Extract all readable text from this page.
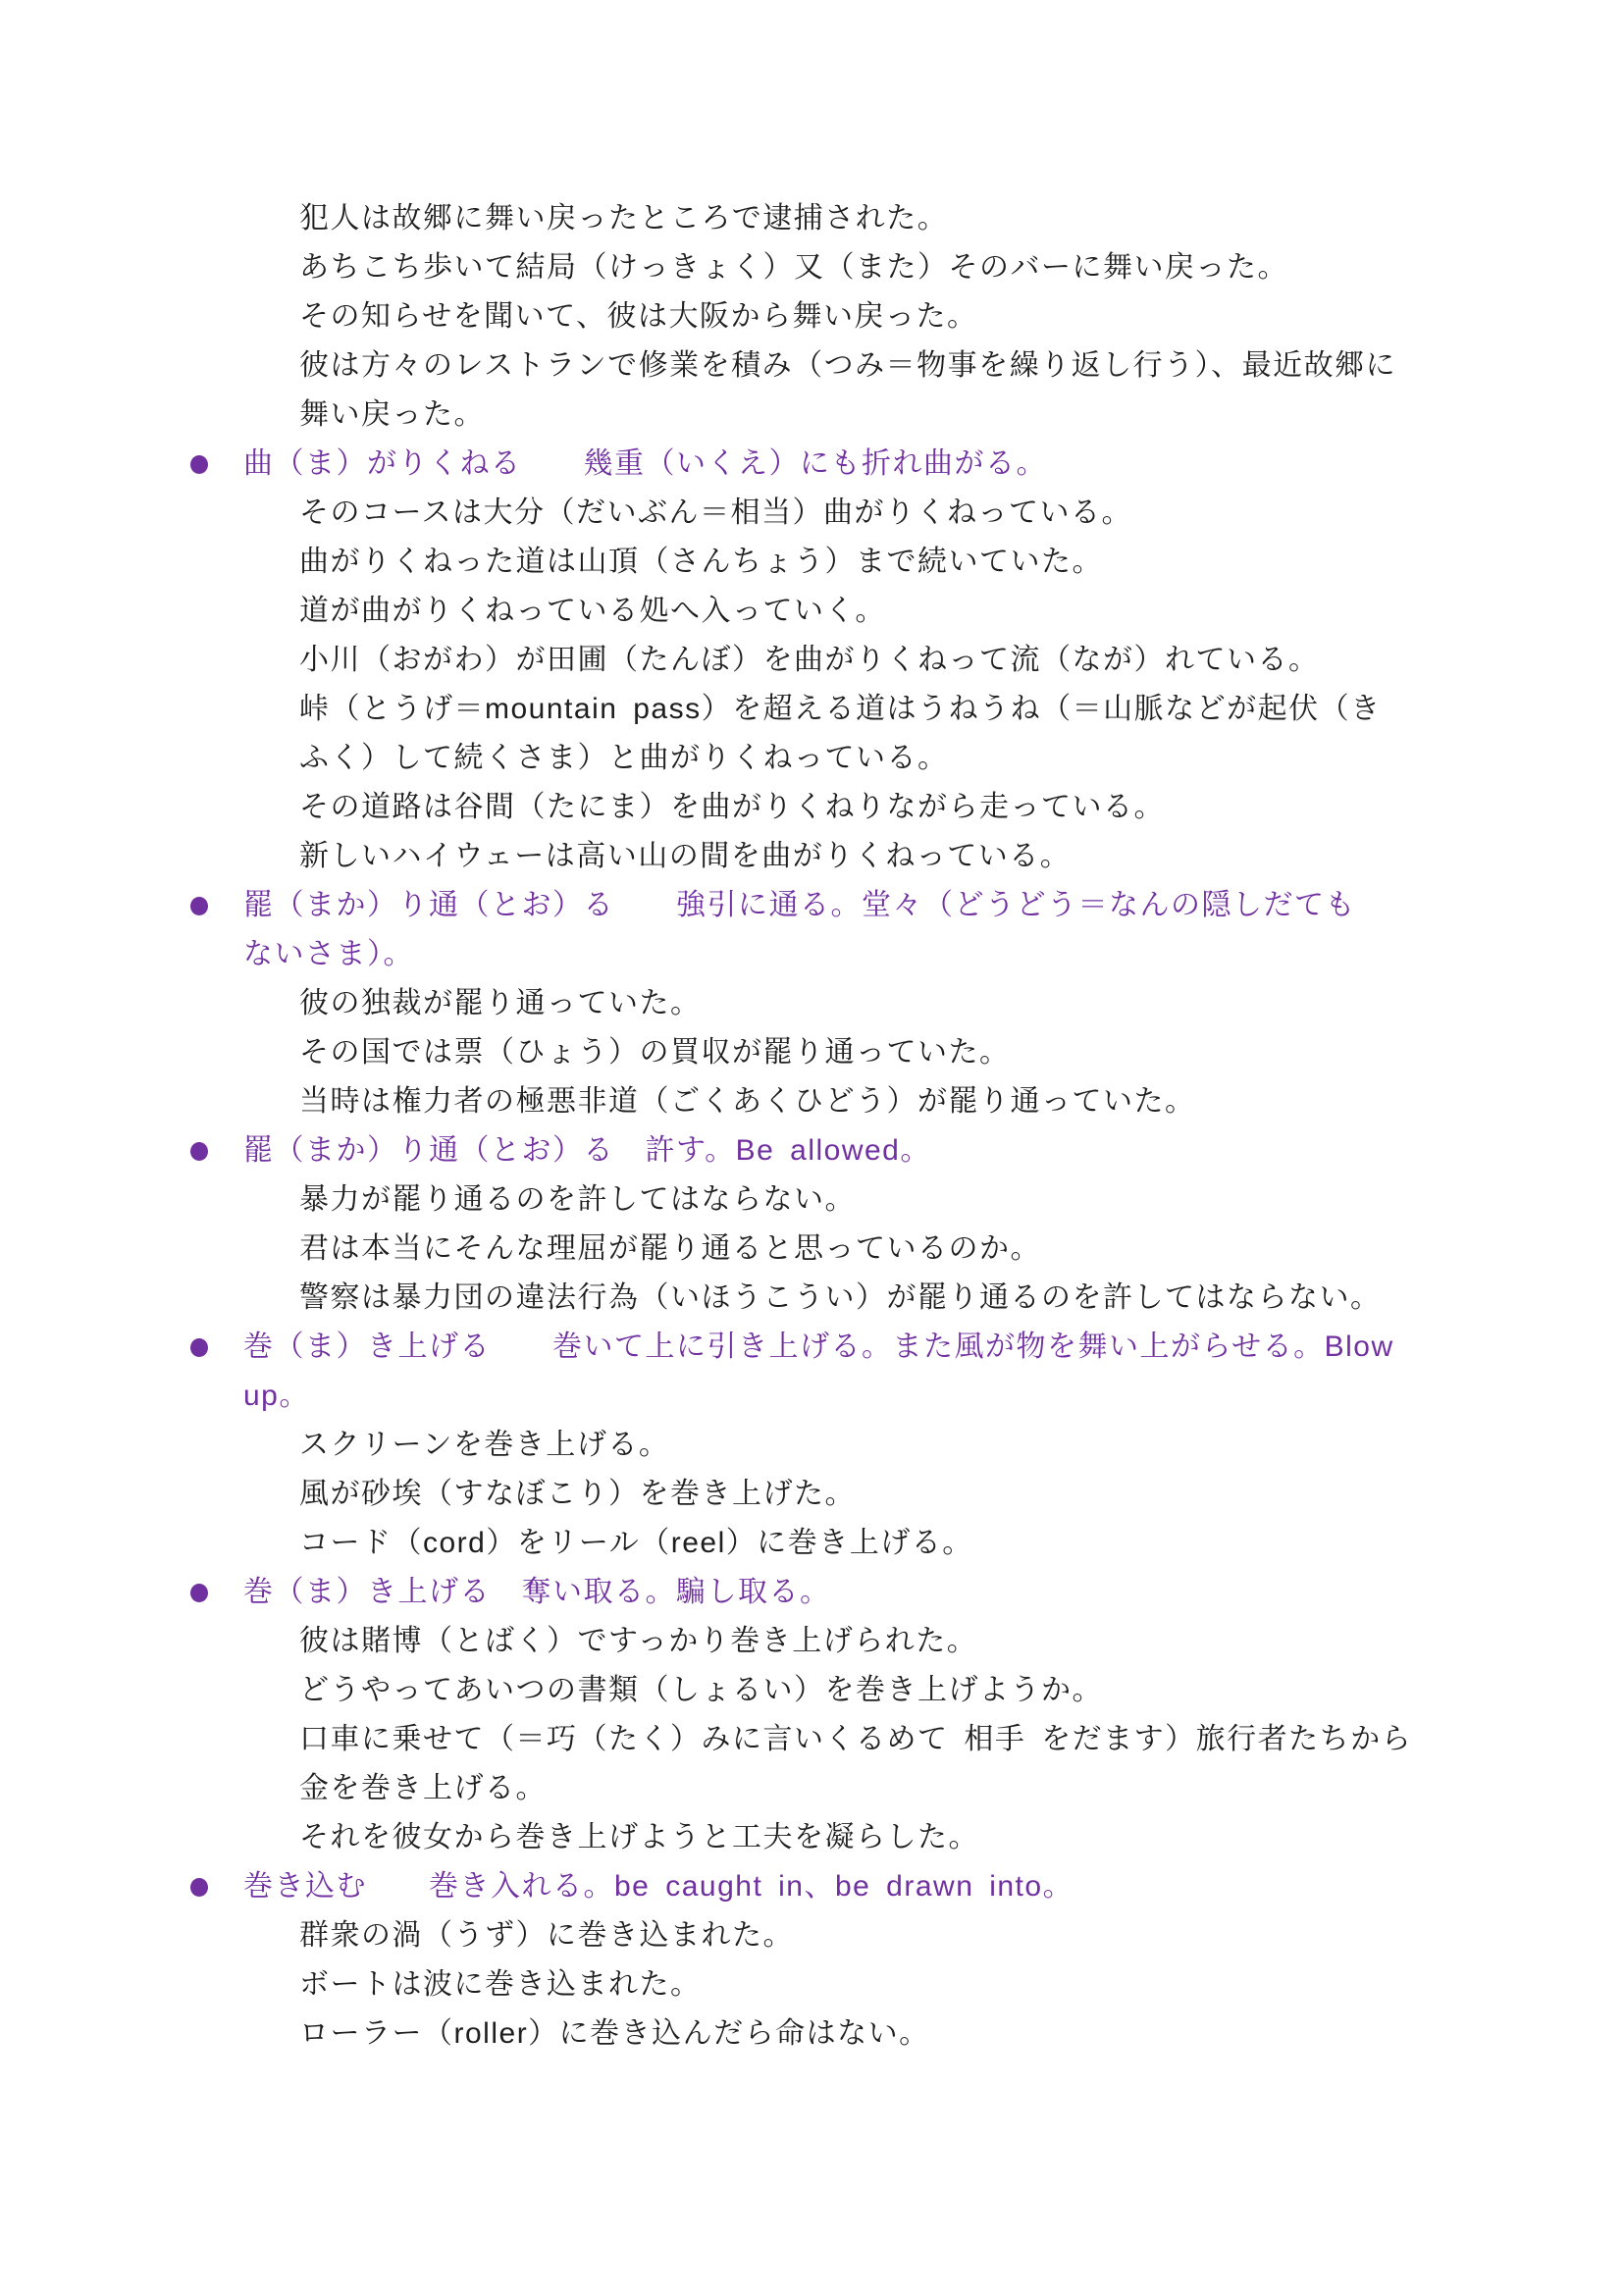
犯人は故郷に舞い戻ったところで逮捕された。
あちこち歩いて結局（けっきょく）又（また）そのバーに舞い戻った。
その知らせを聞いて、彼は大阪から舞い戻った。
彼は方々のレストランで修業を積み（つみ＝物事を繰り返し行う）、最近故郷に
舞い戻った。
曲（ま）がりくねる　　 幾重（いくえ）にも折れ曲がる。
そのコースは大分（だいぶん＝相当）曲がりくねっている。
曲がりくねった道は山頂（さんちょう）まで続いていた。
道が曲がりくねっている処へ入っていく。
小川（おがわ）が田圃（たんぼ）を曲がりくねって流（なが）れている。
峠（とうげ＝mountain pass）を超える道はうねうね（＝山脈などが起伏（き
ふく）して続くさま）と曲がりくねっている。
その道路は谷間（たにま）を曲がりくねりながら走っている。
新しいハイウェーは高い山の間を曲がりくねっている。
罷（まか）り通（とお）る　　 強引に通る。堂々（どうどう＝なんの隠しだても
ないさま）。
彼の独裁が罷り通っていた。
その国では票（ひょう）の買収が罷り通っていた。
当時は権力者の極悪非道（ごくあくひどう）が罷り通っていた。
罷（まか）り通（とお）る　 許す。Be allowed。
暴力が罷り通るのを許してはならない。
君は本当にそんな理屈が罷り通ると思っているのか。
警察は暴力団の違法行為（いほうこうい）が罷り通るのを許してはならない。
巻（ま）き上げる　　 巻いて上に引き上げる。また風が物を舞い上がらせる。Blow
up。
スクリーンを巻き上げる。
風が砂埃（すなぼこり）を巻き上げた。
コード（cord）をリール（reel）に巻き上げる。
巻（ま）き上げる　 奪い取る。騙し取る。
彼は賭博（とばく）ですっかり巻き上げられた。
どうやってあいつの書類（しょるい）を巻き上げようか。
口車に乗せて（＝巧（たく）みに言いくるめて 相手 をだます）旅行者たちから
金を巻き上げる。
それを彼女から巻き上げようと工夫を凝らした。
巻き込む　　 巻き入れる。be caught in、be drawn into。
群衆の渦（うず）に巻き込まれた。
ボートは波に巻き込まれた。
ローラー（roller）に巻き込んだら命はない。
